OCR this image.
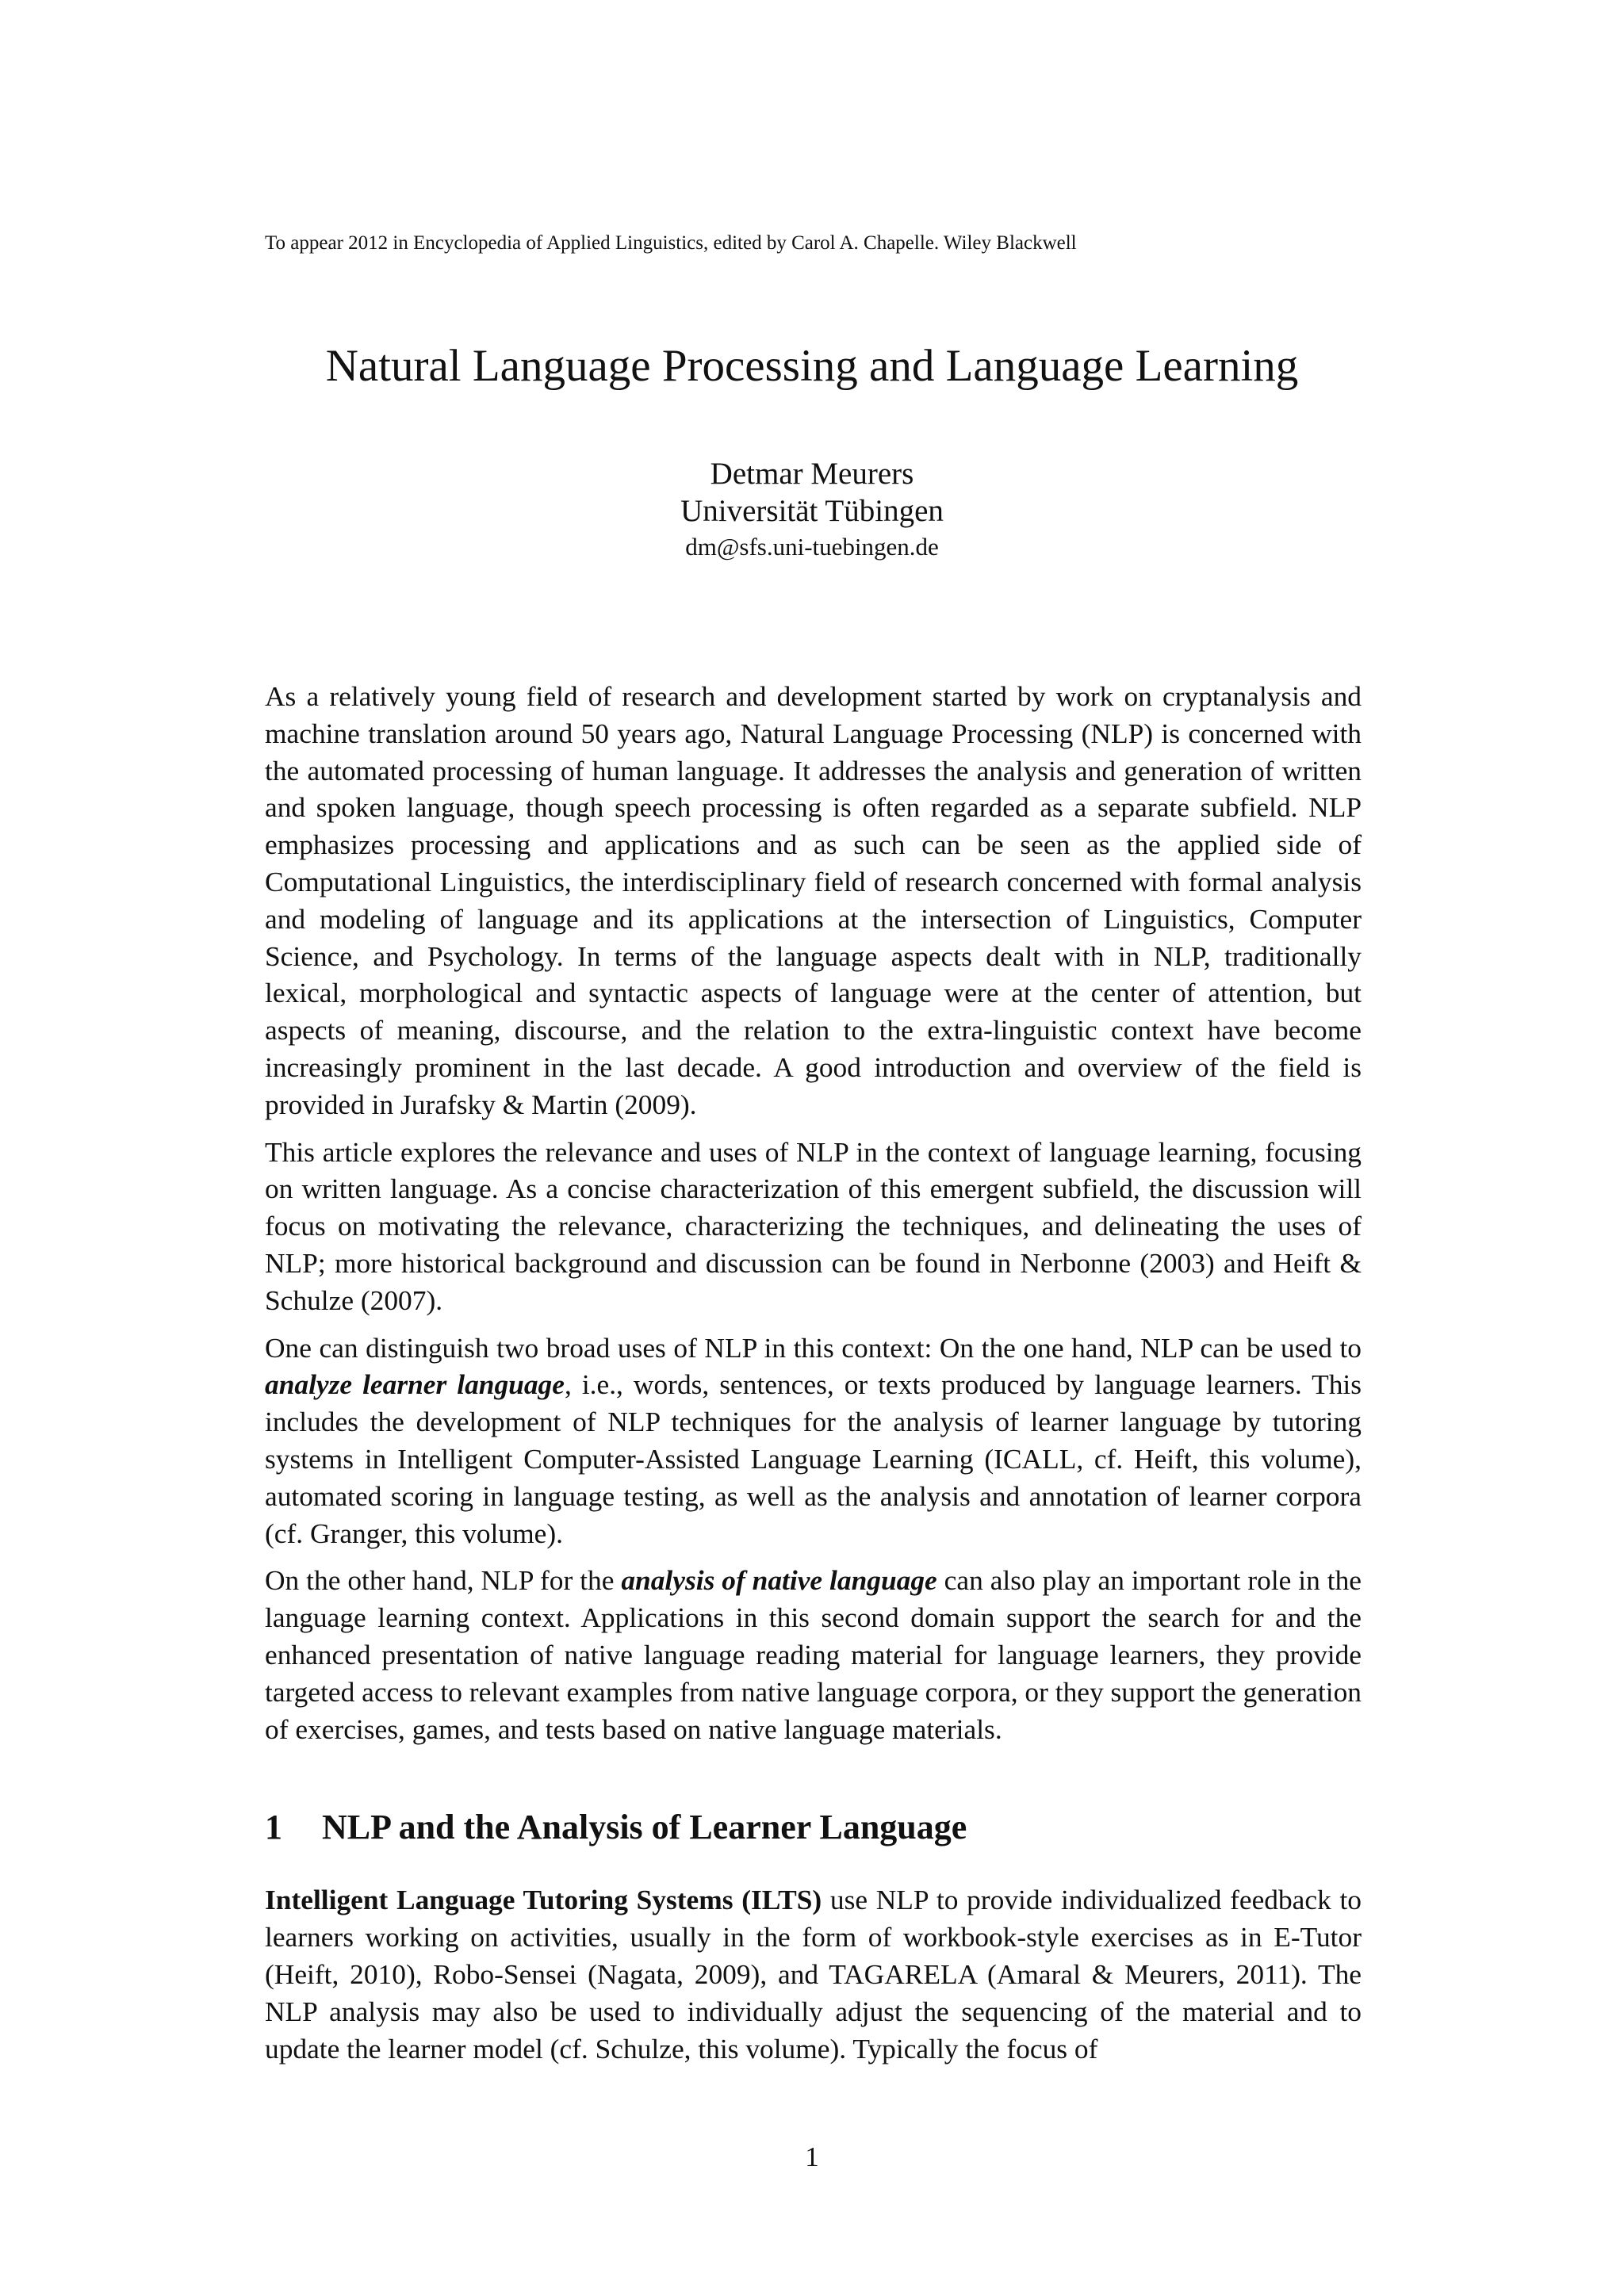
To appear 2012 in Encyclopedia of Applied Linguistics, edited by Carol A. Chapelle. Wiley Blackwell
Natural Language Processing and Language Learning
Detmar Meurers
Universität Tübingen
dm@sfs.uni-tuebingen.de

As a relatively young field of research and development started by work on cryptanalysis and machine translation around 50 years ago, Natural Language Processing (NLP) is concerned with the automated processing of human language. It addresses the analysis and generation of written and spoken language, though speech processing is often regarded as a separate subfield. NLP emphasizes processing and applications and as such can be seen as the applied side of Computational Linguistics, the interdisciplinary field of research concerned with formal analysis and modeling of language and its applications at the intersection of Linguistics, Computer Science, and Psychology. In terms of the language aspects dealt with in NLP, traditionally lexical, morphological and syntactic aspects of language were at the center of attention, but aspects of meaning, discourse, and the relation to the extra-linguistic context have become increasingly prominent in the last decade. A good introduction and overview of the field is provided in Jurafsky & Martin (2009).

This article explores the relevance and uses of NLP in the context of language learning, focusing on written language. As a concise characterization of this emergent subfield, the discussion will focus on motivating the relevance, characterizing the techniques, and delineating the uses of NLP; more historical background and discussion can be found in Nerbonne (2003) and Heift & Schulze (2007).

One can distinguish two broad uses of NLP in this context: On the one hand, NLP can be used to analyze learner language, i.e., words, sentences, or texts produced by language learners. This includes the development of NLP techniques for the analysis of learner language by tutoring systems in Intelligent Computer-Assisted Language Learning (ICALL, cf. Heift, this volume), automated scoring in language testing, as well as the analysis and annotation of learner corpora (cf. Granger, this volume).

On the other hand, NLP for the analysis of native language can also play an important role in the language learning context. Applications in this second domain support the search for and the enhanced presentation of native language reading material for language learners, they provide targeted access to relevant examples from native language corpora, or they support the generation of exercises, games, and tests based on native language materials.

1 NLP and the Analysis of Learner Language

Intelligent Language Tutoring Systems (ILTS) use NLP to provide individualized feedback to learners working on activities, usually in the form of workbook-style exercises as in E-Tutor (Heift, 2010), Robo-Sensei (Nagata, 2009), and TAGARELA (Amaral & Meurers, 2011). The NLP analysis may also be used to individually adjust the sequencing of the material and to update the learner model (cf. Schulze, this volume). Typically the focus of

1
